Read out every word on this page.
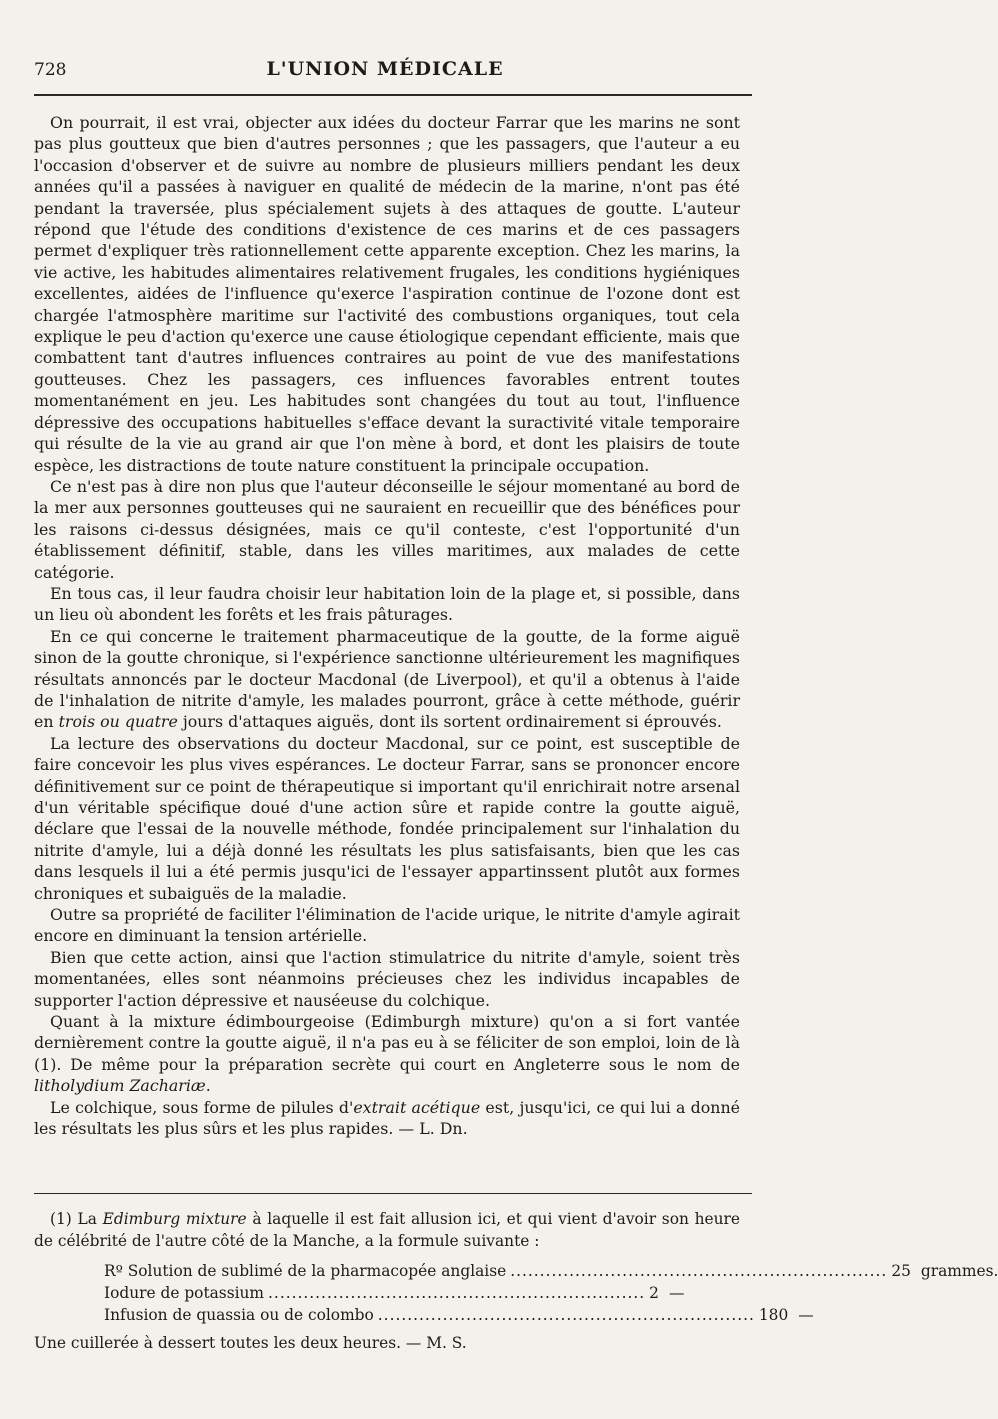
728	L'UNION MÉDICALE

On pourrait, il est vrai, objecter aux idées du docteur Farrar que les marins ne sont pas plus goutteux que bien d'autres personnes ; que les passagers, que l'auteur a eu l'occasion d'observer et de suivre au nombre de plusieurs milliers pendant les deux années qu'il a passées à naviguer en qualité de médecin de la marine, n'ont pas été pendant la traversée, plus spécialement sujets à des attaques de goutte. L'auteur répond que l'étude des conditions d'existence de ces marins et de ces passagers permet d'expliquer très rationnellement cette apparente exception. Chez les marins, la vie active, les habitudes alimentaires relativement frugales, les conditions hygiéniques excellentes, aidées de l'influence qu'exerce l'aspiration continue de l'ozone dont est chargée l'atmosphère maritime sur l'activité des combustions organiques, tout cela explique le peu d'action qu'exerce une cause étiologique cependant efficiente, mais que combattent tant d'autres influences contraires au point de vue des manifestations goutteuses. Chez les passagers, ces influences favorables entrent toutes momentanément en jeu. Les habitudes sont changées du tout au tout, l'influence dépressive des occupations habituelles s'efface devant la suractivité vitale temporaire qui résulte de la vie au grand air que l'on mène à bord, et dont les plaisirs de toute espèce, les distractions de toute nature constituent la principale occupation.

Ce n'est pas à dire non plus que l'auteur déconseille le séjour momentané au bord de la mer aux personnes goutteuses qui ne sauraient en recueillir que des bénéfices pour les raisons ci-dessus désignées, mais ce qu'il conteste, c'est l'opportunité d'un établissement définitif, stable, dans les villes maritimes, aux malades de cette catégorie.

En tous cas, il leur faudra choisir leur habitation loin de la plage et, si possible, dans un lieu où abondent les forêts et les frais pâturages.

En ce qui concerne le traitement pharmaceutique de la goutte, de la forme aiguë sinon de la goutte chronique, si l'expérience sanctionne ultérieurement les magnifiques résultats annoncés par le docteur Macdonal (de Liverpool), et qu'il a obtenus à l'aide de l'inhalation de nitrite d'amyle, les malades pourront, grâce à cette méthode, guérir en trois ou quatre jours d'attaques aiguës, dont ils sortent ordinairement si éprouvés.

La lecture des observations du docteur Macdonal, sur ce point, est susceptible de faire concevoir les plus vives espérances. Le docteur Farrar, sans se prononcer encore définitivement sur ce point de thérapeutique si important qu'il enrichirait notre arsenal d'un véritable spécifique doué d'une action sûre et rapide contre la goutte aiguë, déclare que l'essai de la nouvelle méthode, fondée principalement sur l'inhalation du nitrite d'amyle, lui a déjà donné les résultats les plus satisfaisants, bien que les cas dans lesquels il lui a été permis jusqu'ici de l'essayer appartinssent plutôt aux formes chroniques et subaiguës de la maladie.

Outre sa propriété de faciliter l'élimination de l'acide urique, le nitrite d'amyle agirait encore en diminuant la tension artérielle.

Bien que cette action, ainsi que l'action stimulatrice du nitrite d'amyle, soient très momentanées, elles sont néanmoins précieuses chez les individus incapables de supporter l'action dépressive et nauséeuse du colchique.

Quant à la mixture édimbourgeoise (Edimburgh mixture) qu'on a si fort vantée dernièrement contre la goutte aiguë, il n'a pas eu à se féliciter de son emploi, loin de là (1). De même pour la préparation secrète qui court en Angleterre sous le nom de litholydium Zachariæ.

Le colchique, sous forme de pilules d'extrait acétique est, jusqu'ici, ce qui lui a donné les résultats les plus sûrs et les plus rapides. — L. Dn.

(1) La Edimburg mixture à laquelle il est fait allusion ici, et qui vient d'avoir son heure de célébrité de l'autre côté de la Manche, a la formule suivante :

Rº Solution de sublimé de la pharmacopée anglaise ................................................................ 25 grammes.
Iodure de potassium ................................................................ 2 —
Infusion de quassia ou de colombo ................................................................ 180 —

Une cuillerée à dessert toutes les deux heures. — M. S.
